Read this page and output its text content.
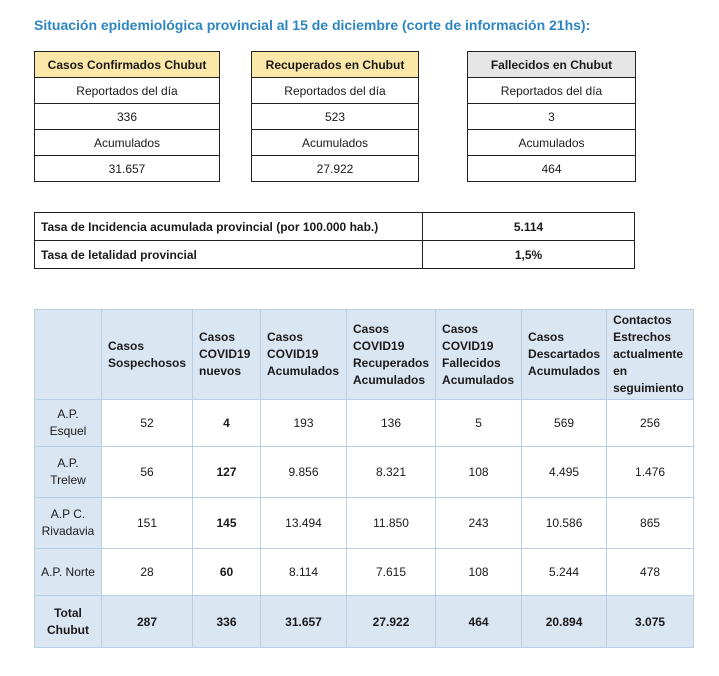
Situación epidemiológica provincial al 15 de diciembre (corte de información 21hs):
Casos Confirmados Chubut
Reportados del día
336
Acumulados
31.657
Recuperados en Chubut
Reportados del día
523
Acumulados
27.922
Fallecidos en Chubut
Reportados del día
3
Acumulados
464
Tasa de Incidencia acumulada provincial (por 100.000 hab.)	5.114
Tasa de letalidad provincial	1,5%
	Casos Sospechosos	Casos COVID19 nuevos	Casos COVID19 Acumulados	Casos COVID19 Recuperados Acumulados	Casos COVID19 Fallecidos Acumulados	Casos Descartados Acumulados	Contactos Estrechos actualmente en seguimiento
A.P. Esquel	52	4	193	136	5	569	256
A.P. Trelew	56	127	9.856	8.321	108	4.495	1.476
A.P C. Rivadavia	151	145	13.494	11.850	243	10.586	865
A.P. Norte	28	60	8.114	7.615	108	5.244	478
Total Chubut	287	336	31.657	27.922	464	20.894	3.075
